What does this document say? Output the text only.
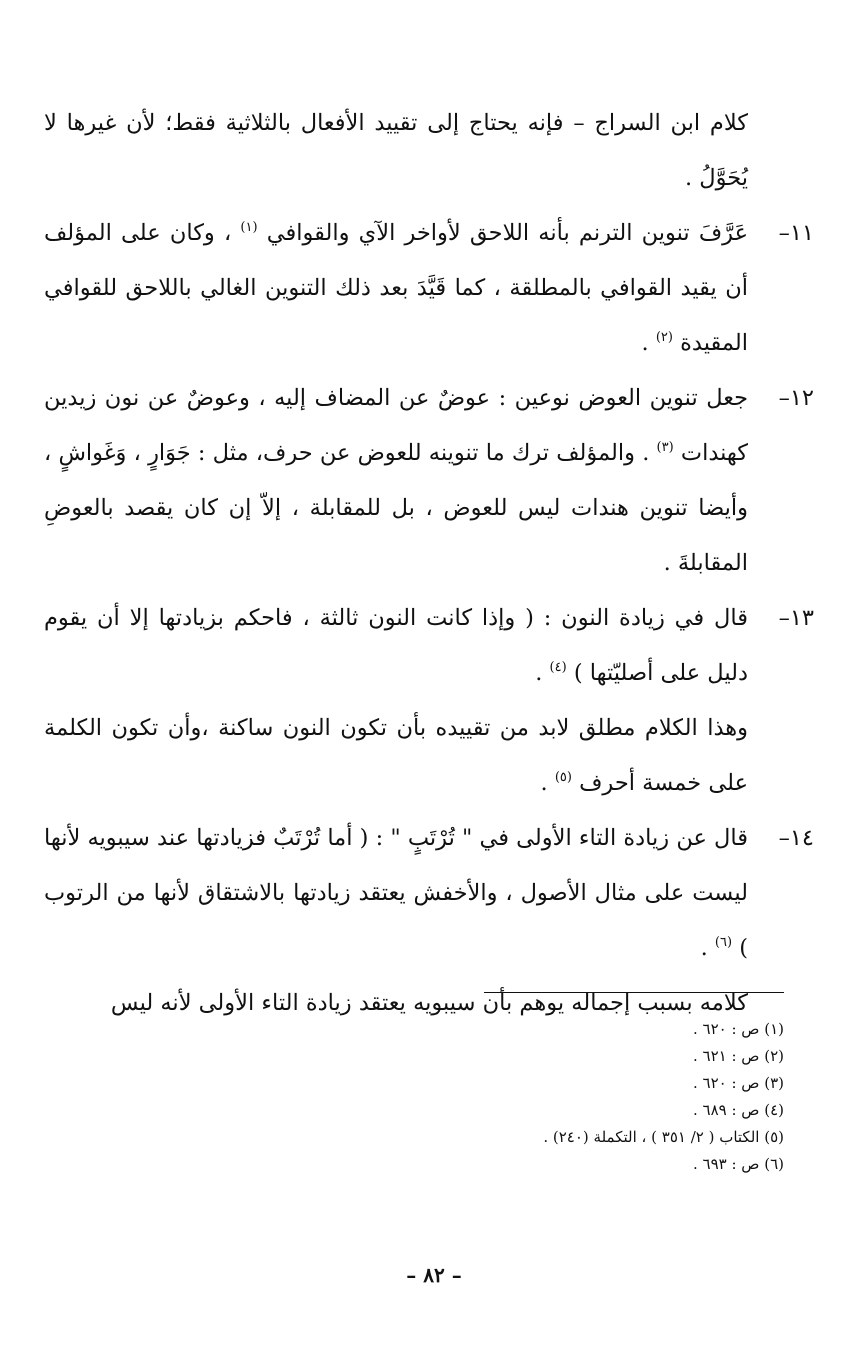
كلام ابن السراج – فإنه يحتاج إلى تقييد الأفعال بالثلاثية فقط؛ لأن غيرها لا يُحَوَّلُ .

١١–
عَرَّفَ تنوين الترنم بأنه اللاحق لأواخر الآي والقوافي $^{(١)}$ ، وكان على المؤلف أن يقيد القوافي بالمطلقة ، كما قَيَّدَ بعد ذلك التنوين الغالي باللاحق للقوافي المقيدة $^{(٢)}$ .

١٢–
جعل تنوين العوض نوعين : عوضٌ عن المضاف إليه ، وعوضٌ عن نون زيدين كهندات $^{(٣)}$ . والمؤلف ترك ما تنوينه للعوض عن حرف، مثل : جَوَارٍ ، وَغَواشٍ ، وأيضا تنوين هندات ليس للعوض ، بل للمقابلة ، إلاّ إن كان يقصد بالعوضِ المقابلةَ .

١٣–
قال في زيادة النون : ( وإذا كانت النون ثالثة ، فاحكم بزيادتها إلا أن يقوم دليل على أصليّتها ) $^{(٤)}$ .

وهذا الكلام مطلق لابد من تقييده بأن تكون النون ساكنة ،وأن تكون الكلمة على خمسة أحرف $^{(٥)}$ .

١٤–
قال عن زيادة التاء الأولى في " تُرْتَبٍ " : ( أما تُرْتَبٌ فزيادتها عند سيبويه لأنها ليست على مثال الأصول ، والأخفش يعتقد زيادتها بالاشتقاق لأنها من الرتوب ) $^{(٦)}$ .

كلامه بسبب إجماله يوهم بأن سيبويه يعتقد زيادة التاء الأولى لأنه ليس

(١) ص : ٦٢٠ .
(٢) ص : ٦٢١ .
(٣) ص : ٦٢٠ .
(٤) ص : ٦٨٩ .
(٥) الكتاب ( ٢/ ٣٥١ ) ، التكملة (٢٤٠) .
(٦) ص : ٦٩٣ .
– ٨٢ –
